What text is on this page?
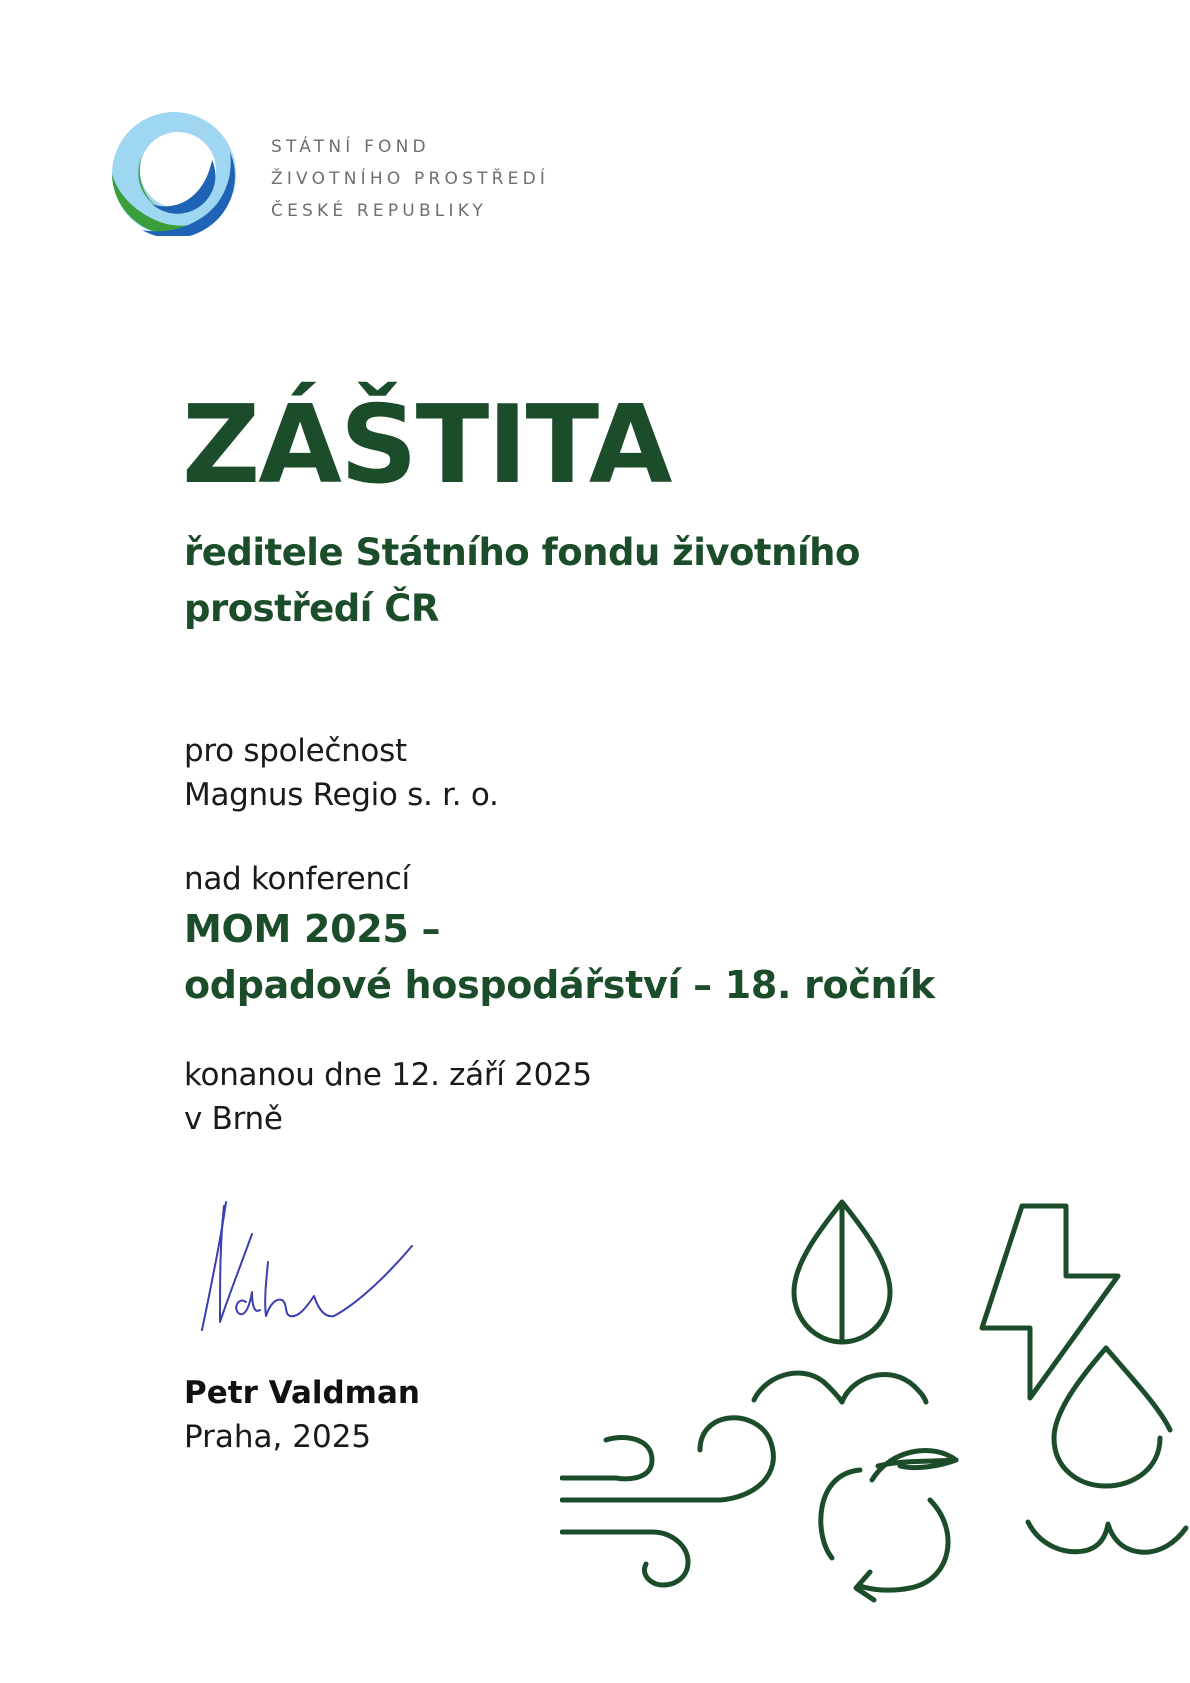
STÁTNÍ FOND
ŽIVOTNÍHO PROSTŘEDÍ
ČESKÉ REPUBLIKY
ZÁŠTITA
ředitele Státního fondu životního
prostředí ČR
pro společnost
Magnus Regio s. r. o.
nad konferencí
MOM 2025 –
odpadové hospodářství – 18. ročník
konanou dne 12. září 2025
v Brně
Petr Valdman
Praha, 2025
